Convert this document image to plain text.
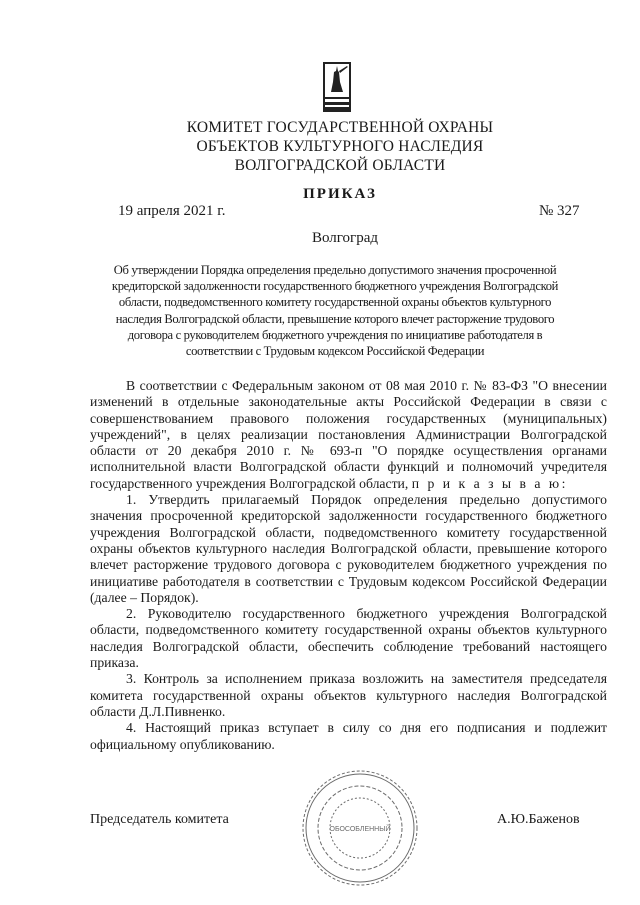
КОМИТЕТ ГОСУДАРСТВЕННОЙ ОХРАНЫ
ОБЪЕКТОВ КУЛЬТУРНОГО НАСЛЕДИЯ
ВОЛГОГРАДСКОЙ ОБЛАСТИ
ПРИКАЗ
19 апреля 2021 г.	№ 327
Волгоград
Об утверждении Порядка определения предельно допустимого значения просроченной кредиторской задолженности государственного бюджетного учреждения Волгоградской области, подведомственного комитету государственной охраны объектов культурного наследия Волгоградской области, превышение которого влечет расторжение трудового договора с руководителем бюджетного учреждения по инициативе работодателя в соответствии с Трудовым кодексом Российской Федерации

В соответствии с Федеральным законом от 08 мая 2010 г. № 83-ФЗ "О внесении изменений в отдельные законодательные акты Российской Федерации в связи с совершенствованием правового положения государственных (муниципальных) учреждений", в целях реализации постановления Администрации Волгоградской области от 20 декабря 2010 г. № 693-п "О порядке осуществления органами исполнительной власти Волгоградской области функций и полномочий учредителя государственного учреждения Волгоградской области, п р и к а з ы в а ю:

1. Утвердить прилагаемый Порядок определения предельно допустимого значения просроченной кредиторской задолженности государственного бюджетного учреждения Волгоградской области, подведомственного комитету государственной охраны объектов культурного наследия Волгоградской области, превышение которого влечет расторжение трудового договора с руководителем бюджетного учреждения по инициативе работодателя в соответствии с Трудовым кодексом Российской Федерации (далее – Порядок).

2. Руководителю государственного бюджетного учреждения Волгоградской области, подведомственного комитету государственной охраны объектов культурного наследия Волгоградской области, обеспечить соблюдение требований настоящего приказа.

3. Контроль за исполнением приказа возложить на заместителя председателя комитета государственной охраны объектов культурного наследия Волгоградской области Д.Л.Пивненко.

4. Настоящий приказ вступает в силу со дня его подписания и подлежит официальному опубликованию.

ОБОСОБЛЕННЫЙ
Председатель комитета	А.Ю.Баженов
